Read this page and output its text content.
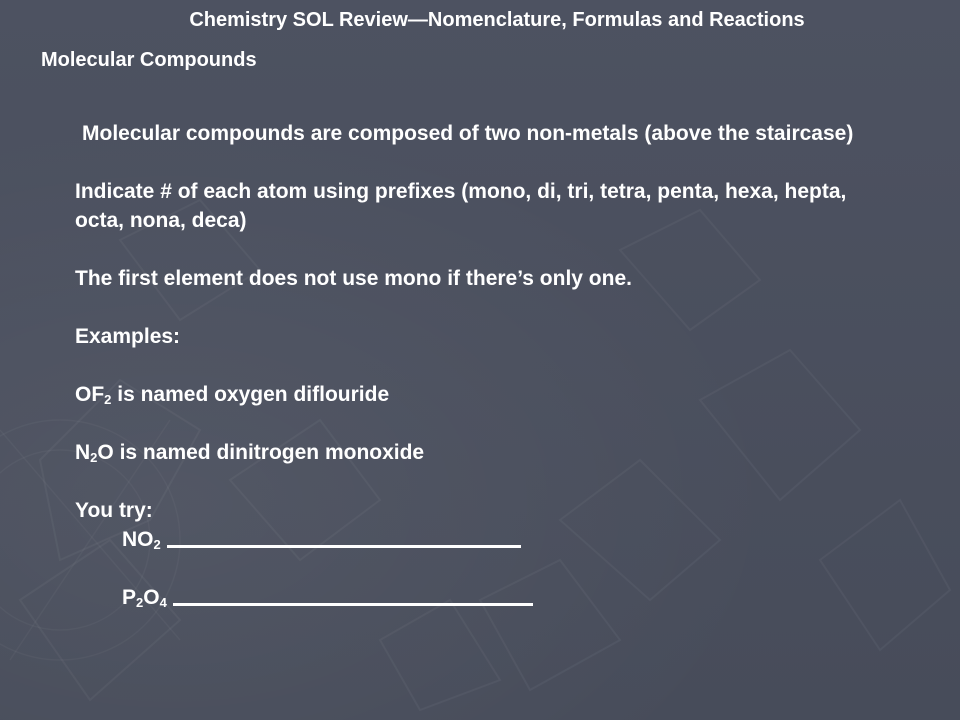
Chemistry SOL Review—Nomenclature, Formulas and Reactions
Molecular Compounds

Molecular compounds are composed of two non-metals (above the staircase)

Indicate # of each atom using prefixes (mono, di, tri, tetra, penta, hexa, hepta, octa, nona, deca)

The first element does not use mono if there’s only one.

Examples:

$OF_2$ is named oxygen diflouride

$N_2O$ is named dinitrogen monoxide

You try:

$NO_2$

$P_2O_4$
